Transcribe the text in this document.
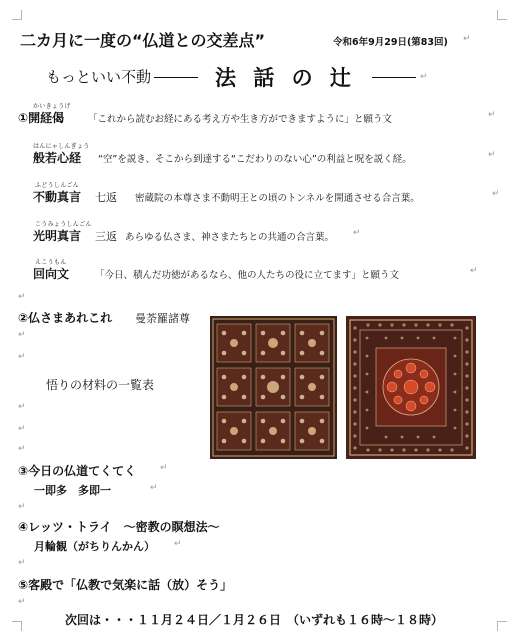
二カ月に一度の“仏道との交差点”	令和6年9月29日(第83回) ↵
もっといい不動	法 話 の 辻	↵
かいきょうげ
①開経偈	「これから読むお経にある考え方や生き方ができますように」と願う文	↵
はんにゃしんぎょう
般若心経 “空”を説き、そこから到達する“こだわりのない心”の利益と呪を説く経。	↵
ふどうしんごん
不動真言 七返 密蔵院の本尊さま不動明王との頃のトンネルを開通させる合言葉。	↵
こうみょうしんごん
光明真言 三返 あらゆる仏さま、神さまたちとの共通の合言葉。 ↵
えこうもん
回向文	「今日、積んだ功徳があるなら、他の人たちの役に立てます」と願う文	↵
↵
②仏さまあれこれ 曼荼羅諸尊
↵
↵
悟りの材料の一覧表
↵
↵
↵
③今日の仏道てくてく	↵
一即多　多即一	↵
↵
④レッツ・トライ　～密教の瞑想法～
月輪観（がちりんかん） ↵
↵
⑤客殿で「仏教で気楽に話（放）そう」
↵
次回は・・・１１月２４日／１月２６日　（いずれも１６時～１８時）
